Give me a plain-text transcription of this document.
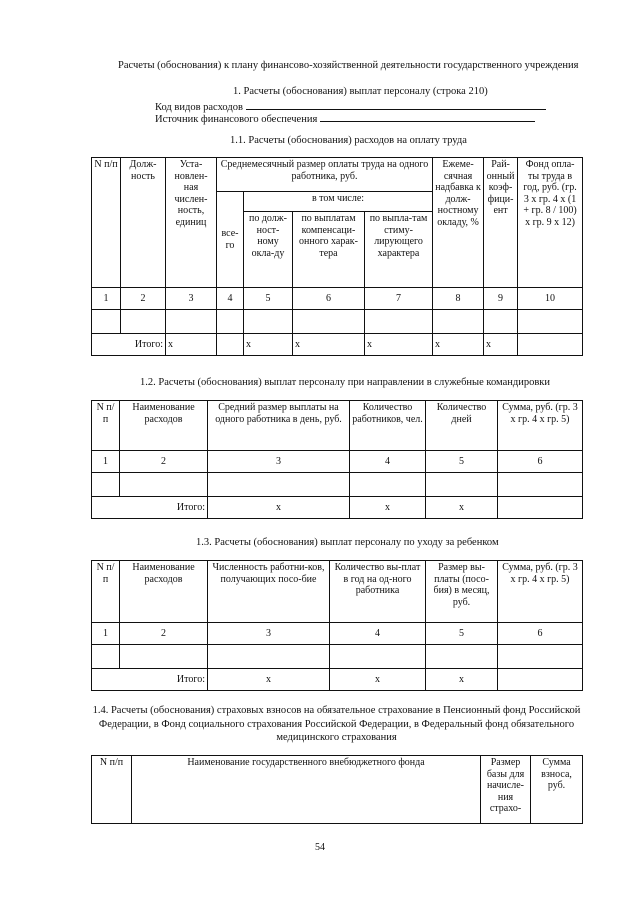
Расчеты (обоснования) к плану финансово-хозяйственной деятельности государственного учреждения
1. Расчеты (обоснования) выплат персоналу (строка 210)
Код видов расходов
Источник финансового обеспечения
1.1. Расчеты (обоснования) расходов на оплату труда
N п/п	Долж-ность	Уста-новлен-ная числен-ность, единиц	Среднемесячный размер оплаты труда на одного работника, руб.				Ежеме-сячная надбавка к долж-ностному окладу, %	Рай-онный коэф-фици-ент	Фонд опла-ты труда в год, руб. (гр. 3 х гр. 4 х (1 + гр. 8 / 100) х гр. 9 х 12)
			все-го	в том числе:					
				по долж-ност-ному окла-ду	по выплатам компенсаци-онного харак-тера	по выпла-там стиму-лирующего характера			
1	2	3	4	5	6	7	8	9	10

Итого:		x		x	x	x	x	x	
1.2. Расчеты (обоснования) выплат персоналу при направлении в служебные командировки
N п/п	Наименование расходов	Средний размер выплаты на одного работника в день, руб.	Количество работников, чел.	Количество дней	Сумма, руб. (гр. 3 х гр. 4 х гр. 5)
1	2	3	4	5	6

Итого:		x	x	x	
1.3. Расчеты (обоснования) выплат персоналу по уходу за ребенком
N п/п	Наименование расходов	Численность работни-ков, получающих посо-бие	Количество вы-плат в год на од-ного работника	Размер вы-платы (посо-бия) в месяц, руб.	Сумма, руб. (гр. 3 х гр. 4 х гр. 5)
1	2	3	4	5	6

Итого:		x	x	x	
1.4. Расчеты (обоснования) страховых взносов на обязательное страхование в Пенсионный фонд Российской Федерации, в Фонд социального страхования Российской Федерации, в Федеральный фонд обязательного медицинского страхования
N п/п	Наименование государственного внебюджетного фонда	Размер базы для начисле-ния страхо-	Сумма взноса, руб.
54
